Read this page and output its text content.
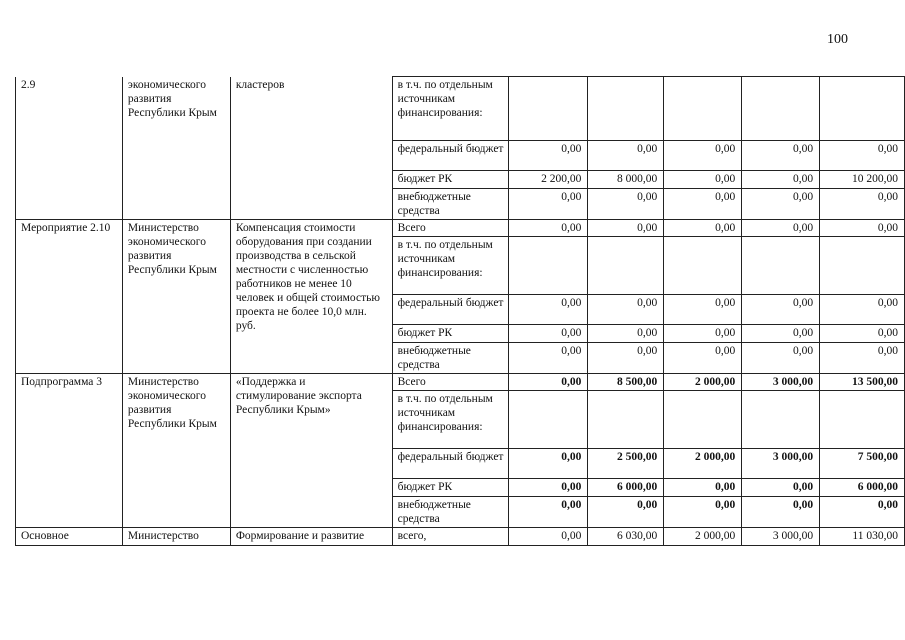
100
2.9	экономического развития Республики Крым	кластеров	в т.ч. по отдельным источникам финансирования:					
			федеральный бюджет	0,00	0,00	0,00	0,00	0,00
			бюджет РК	2 200,00	8 000,00	0,00	0,00	10 200,00
			внебюджетные средства	0,00	0,00	0,00	0,00	0,00
Мероприятие 2.10	Министерство экономического развития Республики Крым	Компенсация стоимости оборудования при создании производства в сельской местности с численностью работников не менее 10 человек и общей стоимостью проекта не более 10,0 млн. руб.	Всего	0,00	0,00	0,00	0,00	0,00
			в т.ч. по отдельным источникам финансирования:					
			федеральный бюджет	0,00	0,00	0,00	0,00	0,00
			бюджет РК	0,00	0,00	0,00	0,00	0,00
			внебюджетные средства	0,00	0,00	0,00	0,00	0,00
Подпрограмма 3	Министерство экономического развития Республики Крым	«Поддержка и стимулирование экспорта Республики Крым»	Всего	0,00	8 500,00	2 000,00	3 000,00	13 500,00
			в т.ч. по отдельным источникам финансирования:					
			федеральный бюджет	0,00	2 500,00	2 000,00	3 000,00	7 500,00
			бюджет РК	0,00	6 000,00	0,00	0,00	6 000,00
			внебюджетные средства	0,00	0,00	0,00	0,00	0,00
Основное	Министерство	Формирование и развитие	всего,	0,00	6 030,00	2 000,00	3 000,00	11 030,00
